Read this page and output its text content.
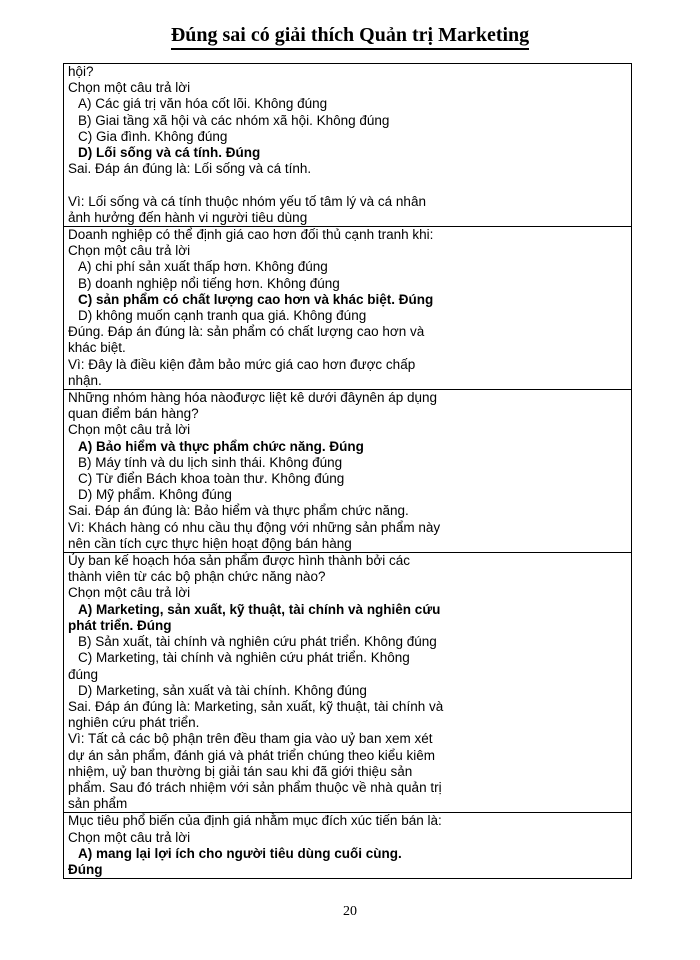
Đúng sai có giải thích Quản trị Marketing
hội?
Chọn một câu trả lời
A) Các giá trị văn hóa cốt lõi. Không đúng
B) Giai tầng xã hội và các nhóm xã hội. Không đúng
C) Gia đình. Không đúng
D) Lối sống và cá tính. Đúng
Sai. Đáp án đúng là: Lối sống và cá tính.
Vì: Lối sống và cá tính thuộc nhóm yếu tố tâm lý và cá nhân
ảnh hưởng đến hành vi người tiêu dùng
Doanh nghiệp có thể định giá cao hơn đối thủ cạnh tranh khi:
Chọn một câu trả lời
A) chi phí sản xuất thấp hơn. Không đúng
B) doanh nghiệp nổi tiếng hơn. Không đúng
C) sản phẩm có chất lượng cao hơn và khác biệt. Đúng
D) không muốn cạnh tranh qua giá. Không đúng
Đúng. Đáp án đúng là: sản phẩm có chất lượng cao hơn và
khác biệt.
Vì: Đây là điều kiện đảm bảo mức giá cao hơn được chấp
nhận.
Những nhóm hàng hóa nàođược liệt kê dưới đâynên áp dụng
quan điểm bán hàng?
Chọn một câu trả lời
A) Bảo hiểm và thực phẩm chức năng. Đúng
B) Máy tính và du lịch sinh thái. Không đúng
C) Từ điển Bách khoa toàn thư. Không đúng
D) Mỹ phẩm. Không đúng
Sai. Đáp án đúng là: Bảo hiểm và thực phẩm chức năng.
Vì: Khách hàng có nhu cầu thụ động với những sản phẩm này
nên cần tích cực thực hiện hoạt động bán hàng
Ủy ban kế hoạch hóa sản phẩm được hình thành bởi các
thành viên từ các bộ phận chức năng nào?
Chọn một câu trả lời
A) Marketing, sản xuất, kỹ thuật, tài chính và nghiên cứu
phát triển. Đúng
B) Sản xuất, tài chính và nghiên cứu phát triển. Không đúng
C) Marketing, tài chính và nghiên cứu phát triển. Không
đúng
D) Marketing, sản xuất và tài chính. Không đúng
Sai. Đáp án đúng là: Marketing, sản xuất, kỹ thuật, tài chính và
nghiên cứu phát triển.
Vì: Tất cả các bộ phận trên đều tham gia vào uỷ ban xem xét
dự án sản phẩm, đánh giá và phát triển chúng theo kiểu kiêm
nhiệm, uỷ ban thường bị giải tán sau khi đã giới thiệu sản
phẩm. Sau đó trách nhiệm với sản phẩm thuộc về nhà quản trị
sản phẩm
Mục tiêu phổ biến của định giá nhằm mục đích xúc tiến bán là:
Chọn một câu trả lời
A) mang lại lợi ích cho người tiêu dùng cuối cùng.
Đúng
20
